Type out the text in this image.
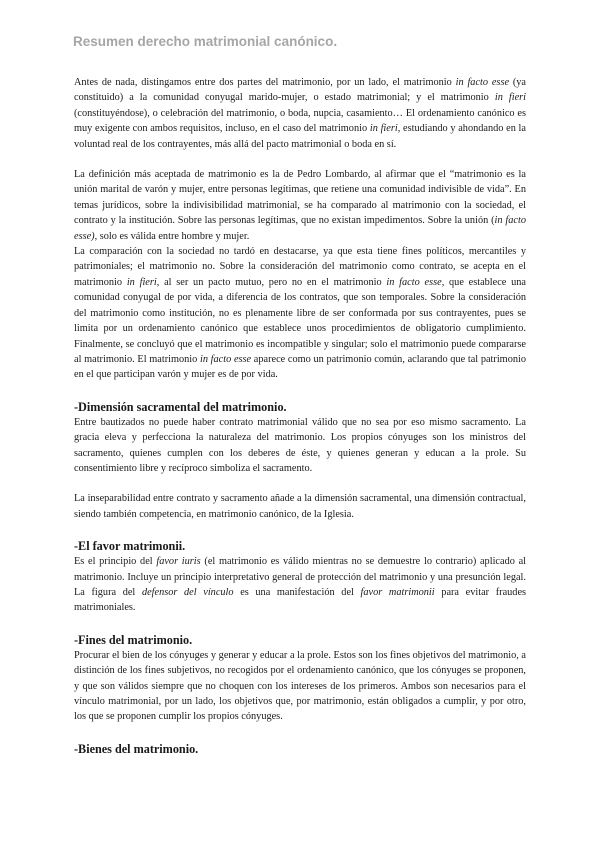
Resumen derecho matrimonial canónico.

Antes de nada, distingamos entre dos partes del matrimonio, por un lado, el matrimonio in facto esse (ya constituido) a la comunidad conyugal marido-mujer, o estado matrimonial; y el matrimonio in fieri (constituyéndose), o celebración del matrimonio, o boda, nupcia, casamiento… El ordenamiento canónico es muy exigente con ambos requisitos, incluso, en el caso del matrimonio in fieri, estudiando y ahondando en la voluntad real de los contrayentes, más allá del pacto matrimonial o boda en sí.

La definición más aceptada de matrimonio es la de Pedro Lombardo, al afirmar que el “matrimonio es la unión marital de varón y mujer, entre personas legítimas, que retiene una comunidad indivisible de vida”. En temas jurídicos, sobre la indivisibilidad matrimonial, se ha comparado al matrimonio con la sociedad, el contrato y la institución. Sobre las personas legítimas, que no existan impedimentos. Sobre la unión (in facto esse), solo es válida entre hombre y mujer.

La comparación con la sociedad no tardó en destacarse, ya que esta tiene fines políticos, mercantiles y patrimoniales; el matrimonio no. Sobre la consideración del matrimonio como contrato, se acepta en el matrimonio in fieri, al ser un pacto mutuo, pero no en el matrimonio in facto esse, que establece una comunidad conyugal de por vida, a diferencia de los contratos, que son temporales. Sobre la consideración del matrimonio como institución, no es plenamente libre de ser conformada por sus contrayentes, pues se limita por un ordenamiento canónico que establece unos procedimientos de obligatorio cumplimiento. Finalmente, se concluyó que el matrimonio es incompatible y singular; solo el matrimonio puede compararse al matrimonio. El matrimonio in facto esse aparece como un patrimonio común, aclarando que tal patrimonio en el que participan varón y mujer es de por vida.

-Dimensión sacramental del matrimonio.

Entre bautizados no puede haber contrato matrimonial válido que no sea por eso mismo sacramento. La gracia eleva y perfecciona la naturaleza del matrimonio. Los propios cónyuges son los ministros del sacramento, quienes cumplen con los deberes de éste, y quienes generan y educan a la prole. Su consentimiento libre y recíproco simboliza el sacramento.

La inseparabilidad entre contrato y sacramento añade a la dimensión sacramental, una dimensión contractual, siendo también competencia, en matrimonio canónico, de la Iglesia.

-El favor matrimonii.

Es el principio del favor iuris (el matrimonio es válido mientras no se demuestre lo contrario) aplicado al matrimonio. Incluye un principio interpretativo general de protección del matrimonio y una presunción legal. La figura del defensor del vínculo es una manifestación del favor matrimonii para evitar fraudes matrimoniales.

-Fines del matrimonio.

Procurar el bien de los cónyuges y generar y educar a la prole. Estos son los fines objetivos del matrimonio, a distinción de los fines subjetivos, no recogidos por el ordenamiento canónico, que los cónyuges se proponen, y que son válidos siempre que no choquen con los intereses de los primeros. Ambos son necesarios para el vínculo matrimonial, por un lado, los objetivos que, por matrimonio, están obligados a cumplir, y por otro, los que se proponen cumplir los propios cónyuges.

-Bienes del matrimonio.
